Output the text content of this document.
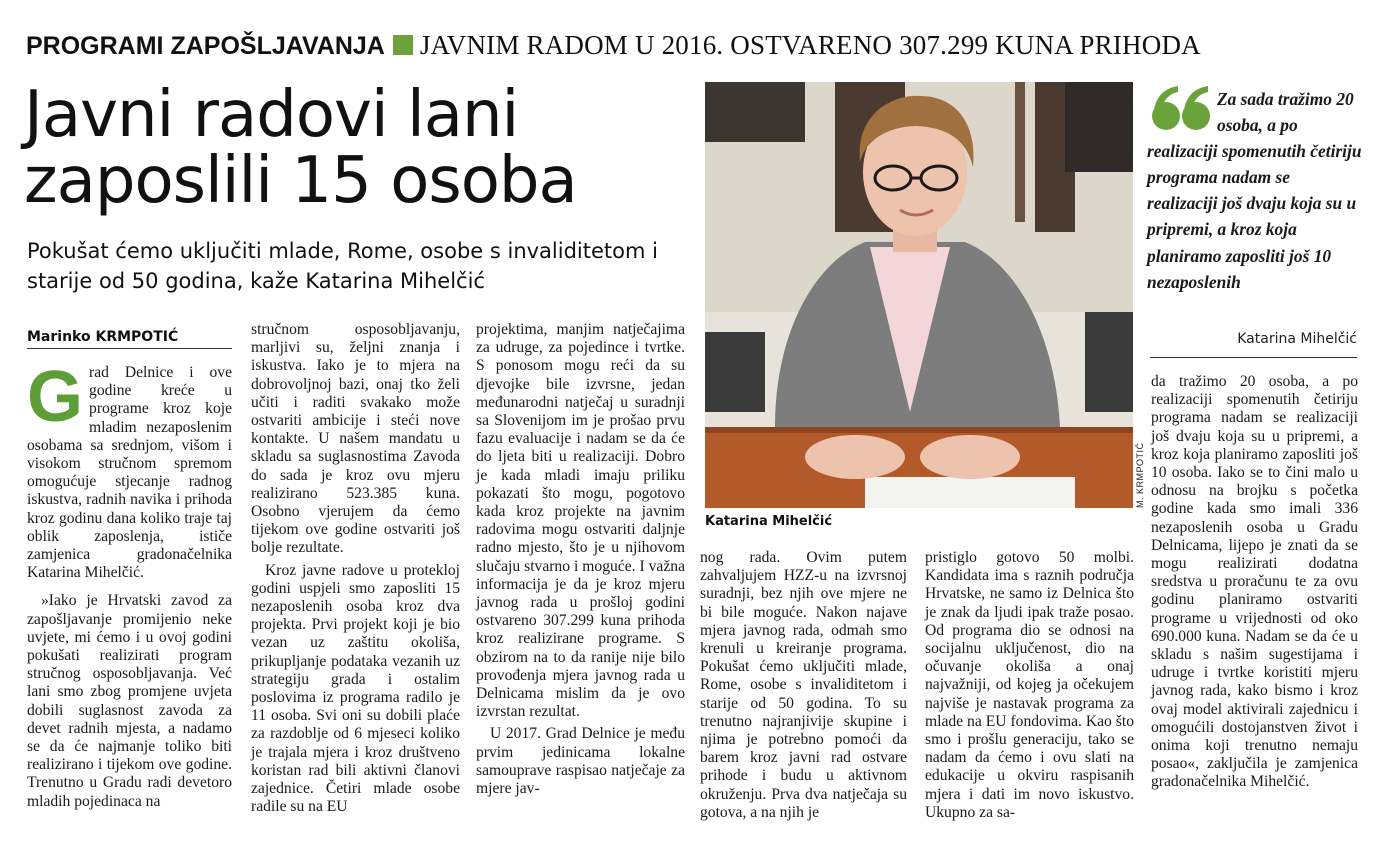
PROGRAMI ZAPOŠLJAVANJA JAVNIM RADOM U 2016. OSTVARENO 307.299 KUNA PRIHODA
Javni radovi lani
zaposlili 15 osoba
Pokušat ćemo uključiti mlade, Rome, osobe s invaliditetom i starije od 50 godina, kaže Katarina Mihelčić
Marinko KRMPOTIĆ

Grad Delnice i ove godine kreće u programe kroz koje mladim nezaposlenim osobama sa srednjom, višom i visokom stručnom spremom omogućuje stjecanje radnog iskustva, radnih navika i prihoda kroz godinu dana koliko traje taj oblik zaposlenja, ističe zamjenica gradonačelnika Katarina Mihelčić.

»Iako je Hrvatski zavod za zapošljavanje promijenio neke uvjete, mi ćemo i u ovoj godini pokušati realizirati program stručnog osposobljavanja. Već lani smo zbog promjene uvjeta dobili suglasnost zavoda za devet radnih mjesta, a nadamo se da će najmanje toliko biti realizirano i tijekom ove godine. Trenutno u Gradu radi devetoro mladih pojedinaca na

stručnom osposobljavanju, marljivi su, željni znanja i iskustva. Iako je to mjera na dobrovoljnoj bazi, onaj tko želi učiti i raditi svakako može ostvariti ambicije i steći nove kontakte. U našem mandatu u skladu sa suglasnostima Zavoda do sada je kroz ovu mjeru realizirano 523.385 kuna. Osobno vjerujem da ćemo tijekom ove godine ostvariti još bolje rezultate.

Kroz javne radove u protekloj godini uspjeli smo zaposliti 15 nezaposlenih osoba kroz dva projekta. Prvi projekt koji je bio vezan uz zaštitu okoliša, prikupljanje podataka vezanih uz strategiju grada i ostalim poslovima iz programa radilo je 11 osoba. Svi oni su dobili plaće za razdoblje od 6 mjeseci koliko je trajala mjera i kroz društveno koristan rad bili aktivni članovi zajednice. Četiri mlade osobe radile su na EU

projektima, manjim natječajima za udruge, za pojedince i tvrtke. S ponosom mogu reći da su djevojke bile izvrsne, jedan međunarodni natječaj u suradnji sa Slovenijom im je prošao prvu fazu evaluacije i nadam se da će do ljeta biti u realizaciji. Dobro je kada mladi imaju priliku pokazati što mogu, pogotovo kada kroz projekte na javnim radovima mogu ostvariti daljnje radno mjesto, što je u njihovom slučaju stvarno i moguće. I važna informacija je da je kroz mjeru javnog rada u prošloj godini ostvareno 307.299 kuna prihoda kroz realizirane programe. S obzirom na to da ranije nije bilo provođenja mjera javnog rada u Delnicama mislim da je ovo izvrstan rezultat.

U 2017. Grad Delnice je među prvim jedinicama lokalne samouprave raspisao natječaje za mjere jav-

M. KRMPOTIĆ
Katarina Mihelčić
Za sada tražimo 20 osoba, a po realizaciji spomenutih četiriju programa nadam se realizaciji još dvaju koja su u pripremi, a kroz koja planiramo zaposliti još 10 nezaposlenih
Katarina Mihelčić

nog rada. Ovim putem zahvaljujem HZZ-u na izvrsnoj suradnji, bez njih ove mjere ne bi bile moguće. Nakon najave mjera javnog rada, odmah smo krenuli u kreiranje programa. Pokušat ćemo uključiti mlade, Rome, osobe s invaliditetom i starije od 50 godina. To su trenutno najranjivije skupine i njima je potrebno pomoći da barem kroz javni rad ostvare prihode i budu u aktivnom okruženju. Prva dva natječaja su gotova, a na njih je

pristiglo gotovo 50 molbi. Kandidata ima s raznih područja Hrvatske, ne samo iz Delnica što je znak da ljudi ipak traže posao. Od programa dio se odnosi na socijalnu uključenost, dio na očuvanje okoliša a onaj najvažniji, od kojeg ja očekujem najviše je nastavak programa za mlade na EU fondovima. Kao što smo i prošlu generaciju, tako se nadam da ćemo i ovu slati na edukacije u okviru raspisanih mjera i dati im novo iskustvo. Ukupno za sa-

da tražimo 20 osoba, a po realizaciji spomenutih četiriju programa nadam se realizaciji još dvaju koja su u pripremi, a kroz koja planiramo zaposliti još 10 osoba. Iako se to čini malo u odnosu na brojku s početka godine kada smo imali 336 nezaposlenih osoba u Gradu Delnicama, lijepo je znati da se mogu realizirati dodatna sredstva u proračunu te za ovu godinu planiramo ostvariti programe u vrijednosti od oko 690.000 kuna. Nadam se da će u skladu s našim sugestijama i udruge i tvrtke koristiti mjeru javnog rada, kako bismo i kroz ovaj model aktivirali zajednicu i omogućili dostojanstven život i onima koji trenutno nemaju posao«, zaključila je zamjenica gradonačelnika Mihelčić.
